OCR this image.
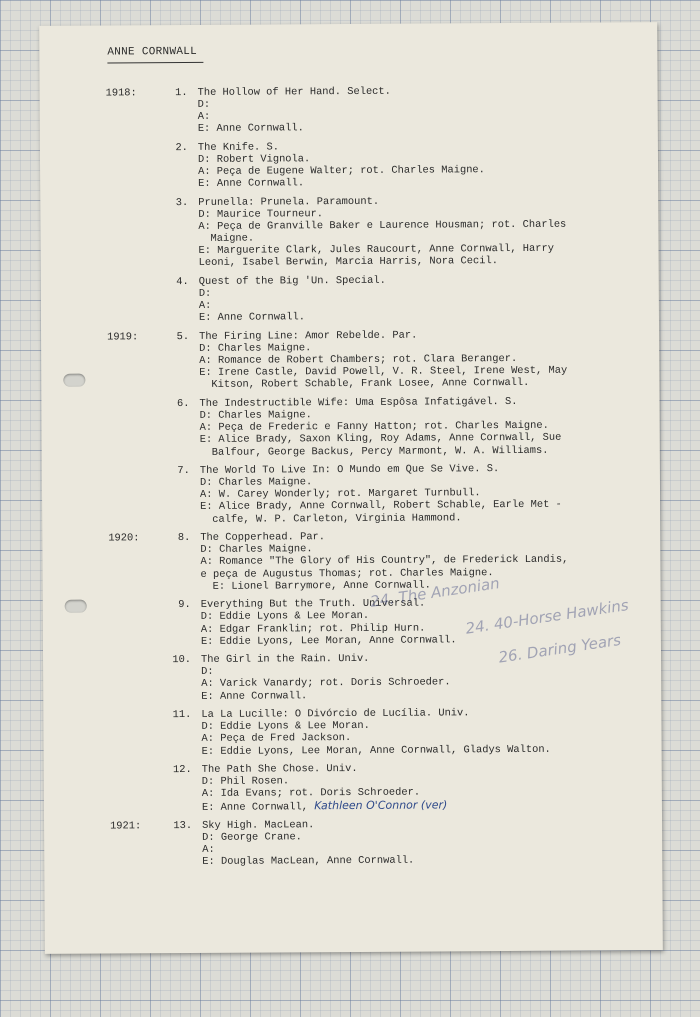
ANNE CORNWALL
1918:	1. The Hollow of Her Hand. Select.
D:
A:
E: Anne Cornwall.
2. The Knife. S.
D: Robert Vignola.
A: Peça de Eugene Walter; rot. Charles Maigne.
E: Anne Cornwall.
3. Prunella: Prunela. Paramount.
D: Maurice Tourneur.
A: Peça de Granville Baker e Laurence Housman; rot. Charles
Maigne.
E: Marguerite Clark, Jules Raucourt, Anne Cornwall, Harry
Leoni, Isabel Berwin, Marcia Harris, Nora Cecil.
4. Quest of the Big 'Un. Special.
D:
A:
E: Anne Cornwall.
1919:	5. The Firing Line: Amor Rebelde. Par.
D: Charles Maigne.
A: Romance de Robert Chambers; rot. Clara Beranger.
E: Irene Castle, David Powell, V. R. Steel, Irene West, May
Kitson, Robert Schable, Frank Losee, Anne Cornwall.
6. The Indestructible Wife: Uma Espôsa Infatigável. S.
D: Charles Maigne.
A: Peça de Frederic e Fanny Hatton; rot. Charles Maigne.
E: Alice Brady, Saxon Kling, Roy Adams, Anne Cornwall, Sue
Balfour, George Backus, Percy Marmont, W. A. Williams.
7. The World To Live In: O Mundo em Que Se Vive. S.
D: Charles Maigne.
A: W. Carey Wonderly; rot. Margaret Turnbull.
E: Alice Brady, Anne Cornwall, Robert Schable, Earle Met -
calfe, W. P. Carleton, Virginia Hammond.
1920:	8. The Copperhead. Par.
D: Charles Maigne.
A: Romance "The Glory of His Country", de Frederick Landis,
e peça de Augustus Thomas; rot. Charles Maigne.
E: Lionel Barrymore, Anne Cornwall.
9. Everything But the Truth. Universal.
D: Eddie Lyons & Lee Moran.
A: Edgar Franklin; rot. Philip Hurn.
E: Eddie Lyons, Lee Moran, Anne Cornwall.
10. The Girl in the Rain. Univ.
D:
A: Varick Vanardy; rot. Doris Schroeder.
E: Anne Cornwall.
11. La La Lucille: O Divórcio de Lucília. Univ.
D: Eddie Lyons & Lee Moran.
A: Peça de Fred Jackson.
E: Eddie Lyons, Lee Moran, Anne Cornwall, Gladys Walton.
12. The Path She Chose. Univ.
D: Phil Rosen.
A: Ida Evans; rot. Doris Schroeder.
E: Anne Cornwall, Kathleen O'Connor (ver)
1921:	13. Sky High. MacLean.
D: George Crane.
A:
E: Douglas MacLean, Anne Cornwall.
24. The Anzonian
24. 40-Horse Hawkins
26. Daring Years
